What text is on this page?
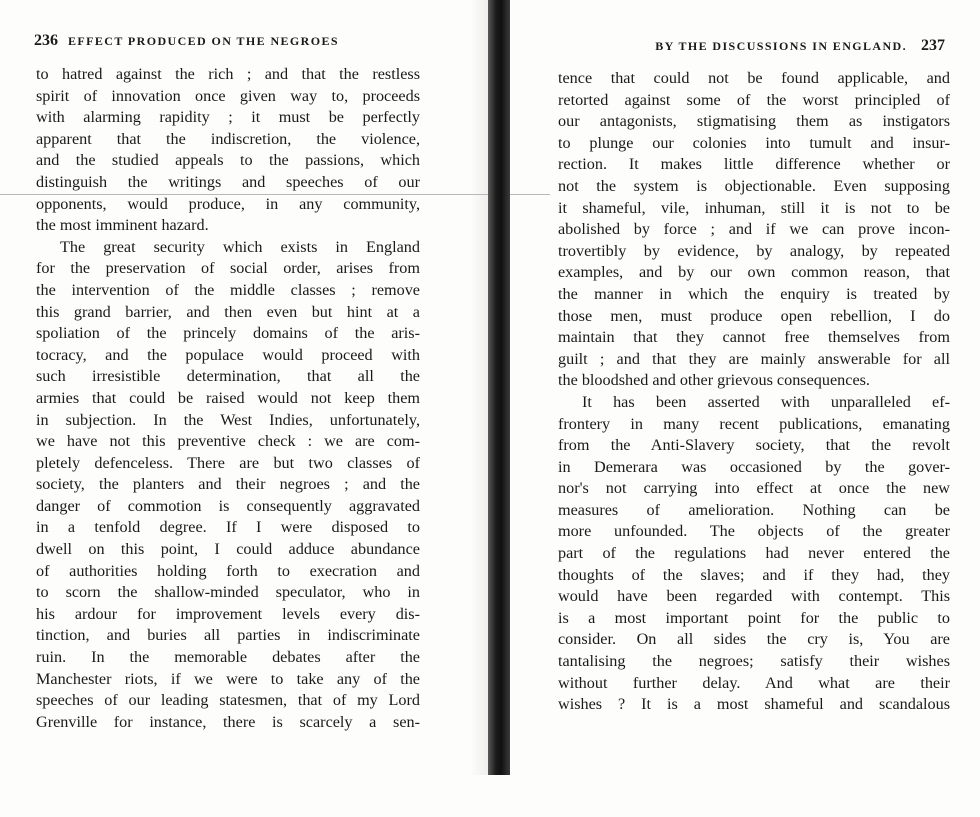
236 EFFECT PRODUCED ON THE NEGROES
to hatred against the rich ; and that the restless
spirit of innovation once given way to, proceeds
with alarming rapidity ; it must be perfectly
apparent that the indiscretion, the violence,
and the studied appeals to the passions, which
distinguish the writings and speeches of our
opponents, would produce, in any community,
the most imminent hazard.
The great security which exists in England
for the preservation of social order, arises from
the intervention of the middle classes ; remove
this grand barrier, and then even but hint at a
spoliation of the princely domains of the aris-
tocracy, and the populace would proceed with
such irresistible determination, that all the
armies that could be raised would not keep them
in subjection. In the West Indies, unfortunately,
we have not this preventive check : we are com-
pletely defenceless. There are but two classes of
society, the planters and their negroes ; and the
danger of commotion is consequently aggravated
in a tenfold degree. If I were disposed to
dwell on this point, I could adduce abundance
of authorities holding forth to execration and
to scorn the shallow-minded speculator, who in
his ardour for improvement levels every dis-
tinction, and buries all parties in indiscriminate
ruin. In the memorable debates after the
Manchester riots, if we were to take any of the
speeches of our leading statesmen, that of my Lord
Grenville for instance, there is scarcely a sen-
BY THE DISCUSSIONS IN ENGLAND. 237
tence that could not be found applicable, and
retorted against some of the worst principled of
our antagonists, stigmatising them as instigators
to plunge our colonies into tumult and insur-
rection. It makes little difference whether or
not the system is objectionable. Even supposing
it shameful, vile, inhuman, still it is not to be
abolished by force ; and if we can prove incon-
trovertibly by evidence, by analogy, by repeated
examples, and by our own common reason, that
the manner in which the enquiry is treated by
those men, must produce open rebellion, I do
maintain that they cannot free themselves from
guilt ; and that they are mainly answerable for all
the bloodshed and other grievous consequences.
It has been asserted with unparalleled ef-
frontery in many recent publications, emanating
from the Anti-Slavery society, that the revolt
in Demerara was occasioned by the gover-
nor's not carrying into effect at once the new
measures of amelioration. Nothing can be
more unfounded. The objects of the greater
part of the regulations had never entered the
thoughts of the slaves; and if they had, they
would have been regarded with contempt. This
is a most important point for the public to
consider. On all sides the cry is, You are
tantalising the negroes; satisfy their wishes
without further delay. And what are their
wishes ? It is a most shameful and scandalous
